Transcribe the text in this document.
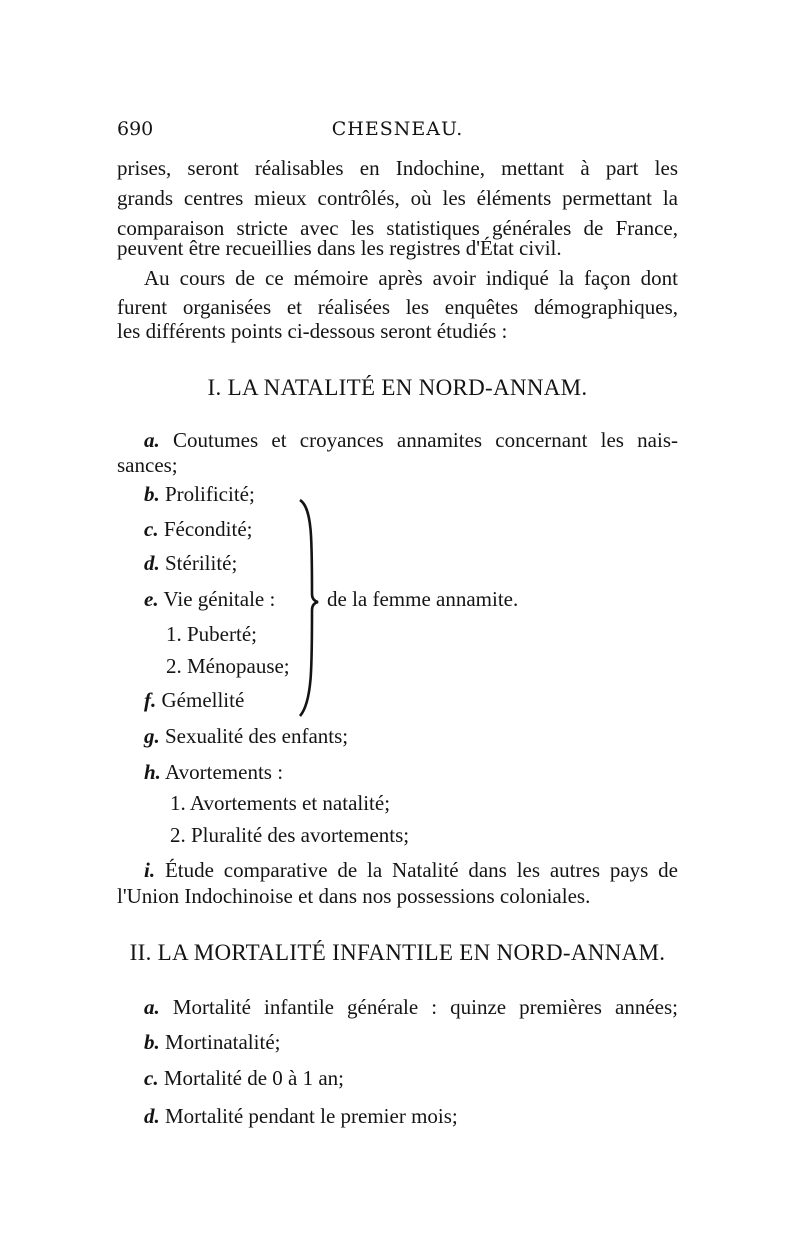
690	CHESNEAU.
prises, seront réalisables en Indochine, mettant à part les
grands centres mieux contrôlés, où les éléments permettant la
comparaison stricte avec les statistiques générales de France,
peuvent être recueillies dans les registres d'État civil.
Au cours de ce mémoire après avoir indiqué la façon dont
furent organisées et réalisées les enquêtes démographiques,
les différents points ci-dessous seront étudiés :
I. LA NATALITÉ EN NORD-ANNAM.
a. Coutumes et croyances annamites concernant les nais-
sances;
b. Prolificité;
c. Fécondité;
d. Stérilité;
e. Vie génitale : de la femme annamite.
1. Puberté;
2. Ménopause;
f. Gémellité
g. Sexualité des enfants;
h. Avortements :
1. Avortements et natalité;
2. Pluralité des avortements;
i. Étude comparative de la Natalité dans les autres pays de
l'Union Indochinoise et dans nos possessions coloniales.
II. LA MORTALITÉ INFANTILE EN NORD-ANNAM.
a. Mortalité infantile générale : quinze premières années;
b. Mortinatalité;
c. Mortalité de 0 à 1 an;
d. Mortalité pendant le premier mois;
